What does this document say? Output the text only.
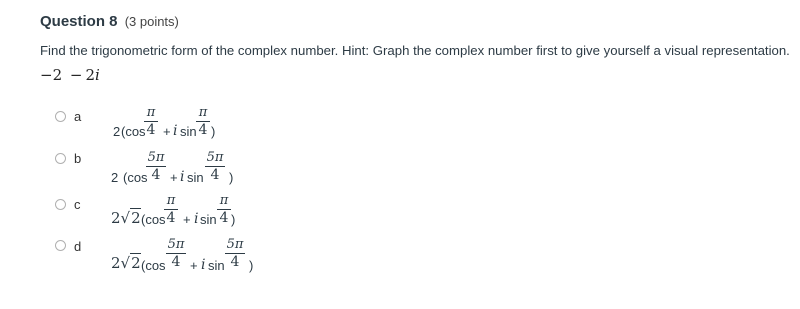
Question 8 (3 points)
Find the trigonometric form of the complex number. Hint: Graph the complex number first to give yourself a visual representation.
−2 − 2i
a
2 (cos
π
4 + i sin
π
4 )
b
2 (cos
5π
4 + i sin
5π
4 )
c
2√2 (cos
π
4 + i sin
π
4 )
d
2√2 (cos
5π
4 + i sin
5π
4 )
